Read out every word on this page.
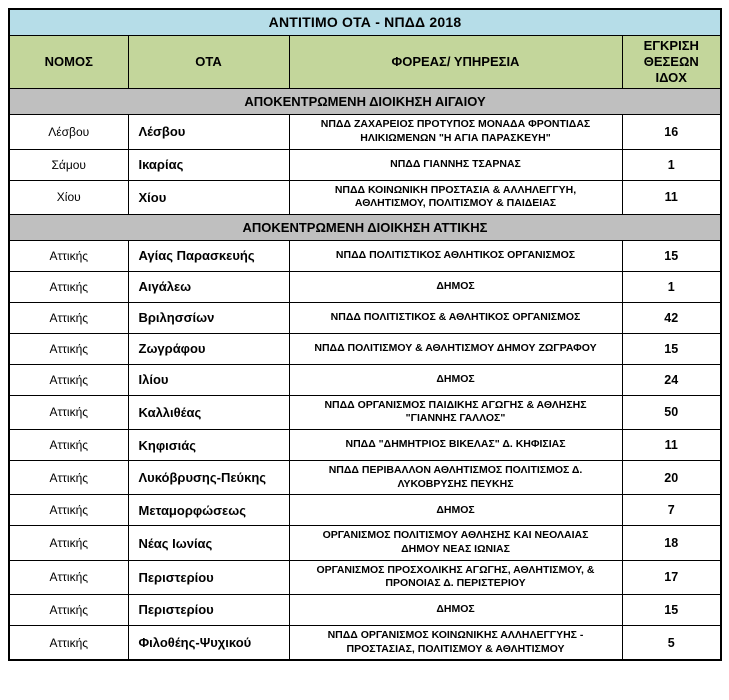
ΑΝΤΙΤΙΜΟ ΟΤΑ - ΝΠΔΔ 2018			
ΝΟΜΟΣ	ΟΤΑ	ΦΟΡΕΑΣ/ ΥΠΗΡΕΣΙΑ	ΕΓΚΡΙΣΗ ΘΕΣΕΩΝ ΙΔΟΧ
ΑΠΟΚΕΝΤΡΩΜΕΝΗ ΔΙΟΙΚΗΣΗ ΑΙΓΑΙΟΥ			
Λέσβου	Λέσβου	ΝΠΔΔ ΖΑΧΑΡΕΙΟΣ ΠΡΟΤΥΠΟΣ ΜΟΝΑΔΑ ΦΡΟΝΤΙΔΑΣ ΗΛΙΚΙΩΜΕΝΩΝ "Η ΑΓΙΑ ΠΑΡΑΣΚΕΥΗ"	16
Σάμου	Ικαρίας	ΝΠΔΔ ΓΙΑΝΝΗΣ ΤΣΑΡΝΑΣ	1
Χίου	Χίου	ΝΠΔΔ ΚΟΙΝΩΝΙΚΗ ΠΡΟΣΤΑΣΙΑ & ΑΛΛΗΛΕΓΓΥΗ, ΑΘΛΗΤΙΣΜΟΥ, ΠΟΛΙΤΙΣΜΟΥ & ΠΑΙΔΕΙΑΣ	11
ΑΠΟΚΕΝΤΡΩΜΕΝΗ ΔΙΟΙΚΗΣΗ ΑΤΤΙΚΗΣ			
Αττικής	Αγίας Παρασκευής	ΝΠΔΔ ΠΟΛΙΤΙΣΤΙΚΟΣ ΑΘΛΗΤΙΚΟΣ ΟΡΓΑΝΙΣΜΟΣ	15
Αττικής	Αιγάλεω	ΔΗΜΟΣ	1
Αττικής	Βριλησσίων	ΝΠΔΔ ΠΟΛΙΤΙΣΤΙΚΟΣ & ΑΘΛΗΤΙΚΟΣ ΟΡΓΑΝΙΣΜΟΣ	42
Αττικής	Ζωγράφου	ΝΠΔΔ ΠΟΛΙΤΙΣΜΟΥ & ΑΘΛΗΤΙΣΜΟΥ ΔΗΜΟΥ ΖΩΓΡΑΦΟΥ	15
Αττικής	Ιλίου	ΔΗΜΟΣ	24
Αττικής	Καλλιθέας	ΝΠΔΔ ΟΡΓΑΝΙΣΜΟΣ ΠΑΙΔΙΚΗΣ ΑΓΩΓΗΣ & ΑΘΛΗΣΗΣ "ΓΙΑΝΝΗΣ ΓΑΛΛΟΣ"	50
Αττικής	Κηφισιάς	ΝΠΔΔ "ΔΗΜΗΤΡΙΟΣ ΒΙΚΕΛΑΣ" Δ. ΚΗΦΙΣΙΑΣ	11
Αττικής	Λυκόβρυσης-Πεύκης	ΝΠΔΔ ΠΕΡΙΒΑΛΛΟΝ ΑΘΛΗΤΙΣΜΟΣ ΠΟΛΙΤΙΣΜΟΣ Δ. ΛΥΚΟΒΡΥΣΗΣ ΠΕΥΚΗΣ	20
Αττικής	Μεταμορφώσεως	ΔΗΜΟΣ	7
Αττικής	Νέας Ιωνίας	ΟΡΓΑΝΙΣΜΟΣ ΠΟΛΙΤΙΣΜΟΥ ΑΘΛΗΣΗΣ ΚΑΙ ΝΕΟΛΑΙΑΣ ΔΗΜΟΥ ΝΕΑΣ ΙΩΝΙΑΣ	18
Αττικής	Περιστερίου	ΟΡΓΑΝΙΣΜΟΣ ΠΡΟΣΧΟΛΙΚΗΣ ΑΓΩΓΗΣ, ΑΘΛΗΤΙΣΜΟΥ, & ΠΡΟΝΟΙΑΣ Δ. ΠΕΡΙΣΤΕΡΙΟΥ	17
Αττικής	Περιστερίου	ΔΗΜΟΣ	15
Αττικής	Φιλοθέης-Ψυχικού	ΝΠΔΔ ΟΡΓΑΝΙΣΜΟΣ ΚΟΙΝΩΝΙΚΗΣ ΑΛΛΗΛΕΓΓΥΗΣ - ΠΡΟΣΤΑΣΙΑΣ, ΠΟΛΙΤΙΣΜΟΥ & ΑΘΛΗΤΙΣΜΟΥ	5
